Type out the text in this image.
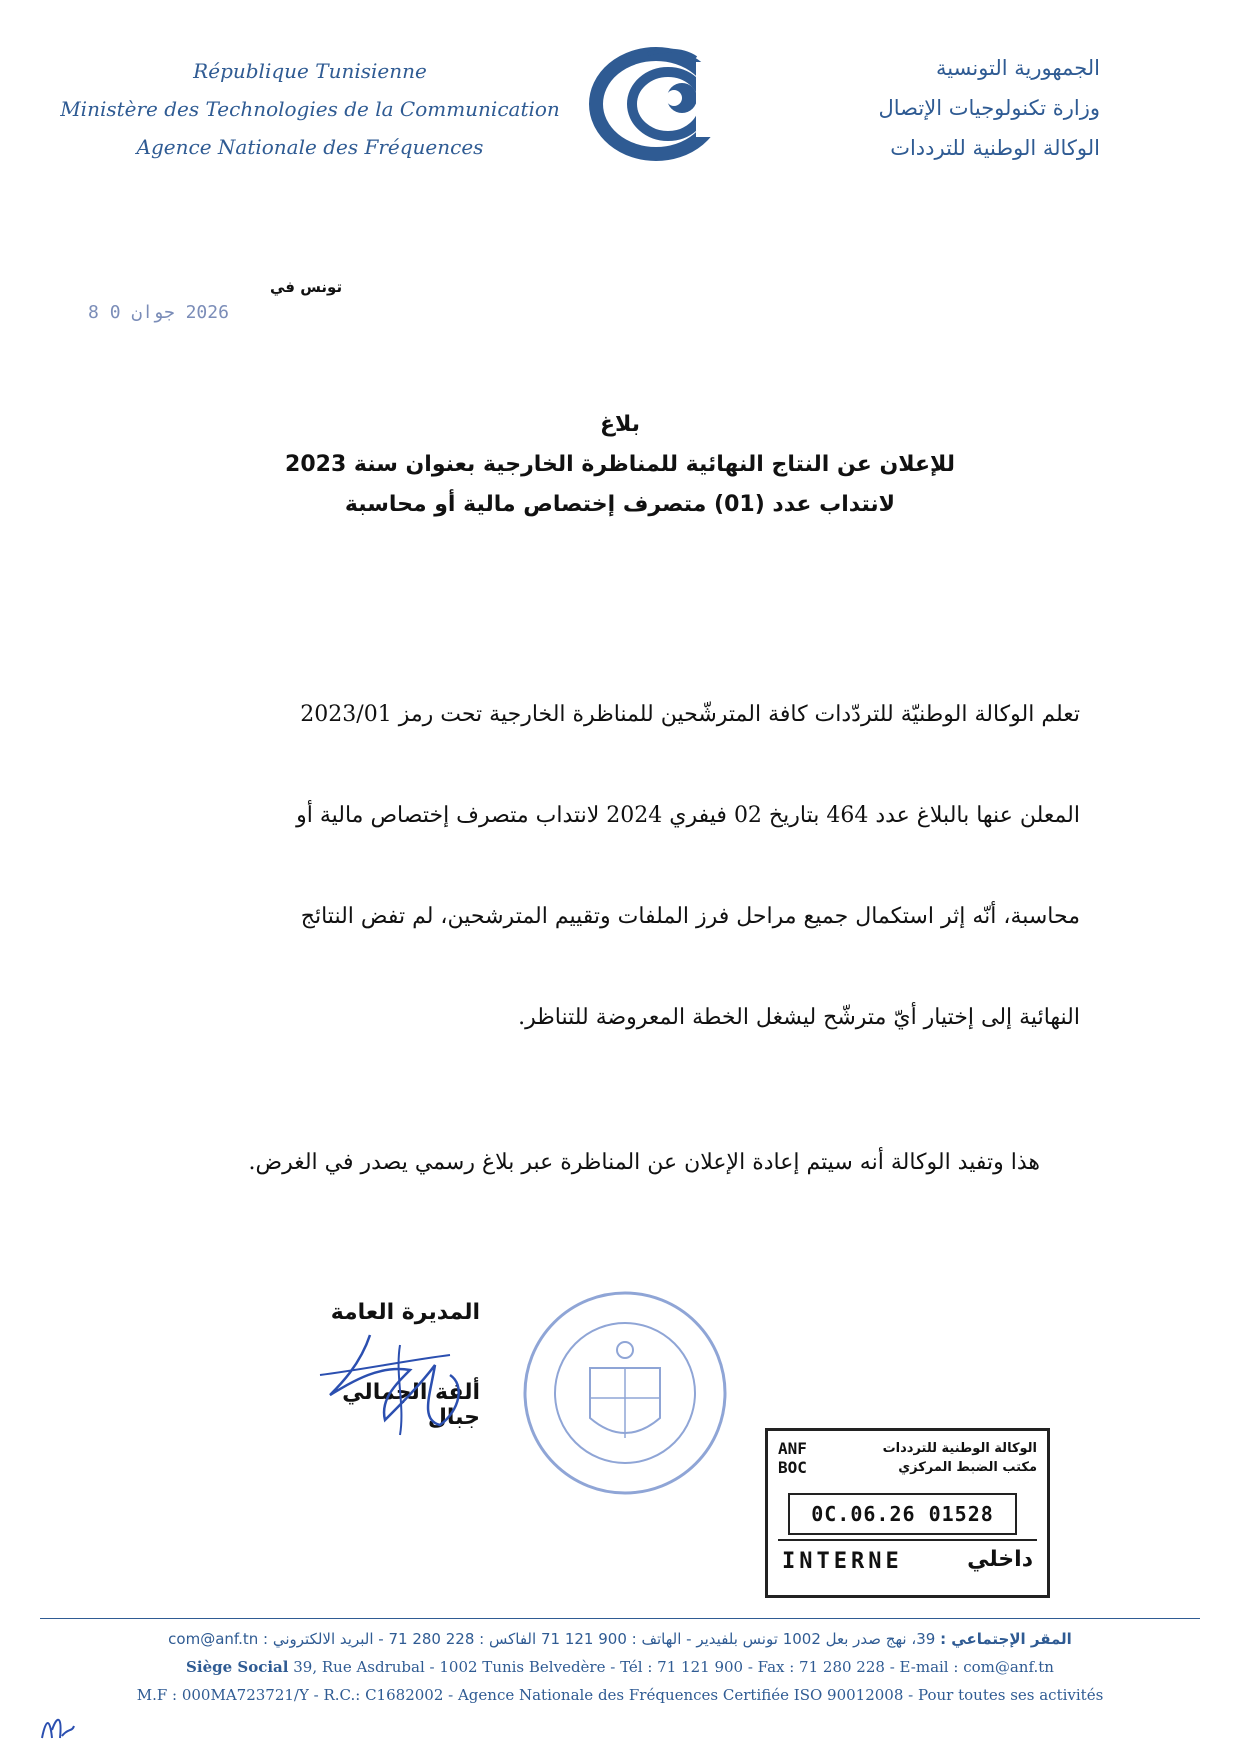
République Tunisienne
Ministère des Technologies de la Communication
Agence Nationale des Fréquences
الجمهورية التونسية
وزارة تكنولوجيات الإتصال
الوكالة الوطنية للترددات
تونس في
2026 جوان 0 8
بلاغ
للإعلان عن النتاج النهائية للمناظرة الخارجية بعنوان سنة 2023
لانتداب عدد (01) متصرف إختصاص مالية أو محاسبة
تعلم الوكالة الوطنيّة للتردّدات كافة المترشّحين للمناظرة الخارجية تحت رمز 2023/01
المعلن عنها بالبلاغ عدد 464 بتاريخ 02 فيفري 2024 لانتداب متصرف إختصاص مالية أو
محاسبة، أنّه إثر استكمال جميع مراحل فرز الملفات وتقييم المترشحين، لم تفض النتائج
النهائية إلى إختيار أيّ مترشّح ليشغل الخطة المعروضة للتناظر.
هذا وتفيد الوكالة أنه سيتم إعادة الإعلان عن المناظرة عبر بلاغ رسمي يصدر في الغرض.
المديرة العامة
ألفة الجمالي جبال
ANF
BOC
الوكالة الوطنية للترددات
مكتب الضبط المركزي
0C.06.26 01528
INTERNE	داخلي
المقر الإجتماعي : 39، نهج صدر بعل 1002 تونس بلفيدير - الهاتف : 900 121 71 الفاكس : 228 280 71 - البريد الالكتروني : com@anf.tn
Siège Social 39, Rue Asdrubal - 1002 Tunis Belvedère - Tél : 71 121 900 - Fax : 71 280 228 - E-mail : com@anf.tn
M.F : 000MA723721/Y - R.C.: C1682002 - Agence Nationale des Fréquences Certifiée ISO 90012008 - Pour toutes ses activités
